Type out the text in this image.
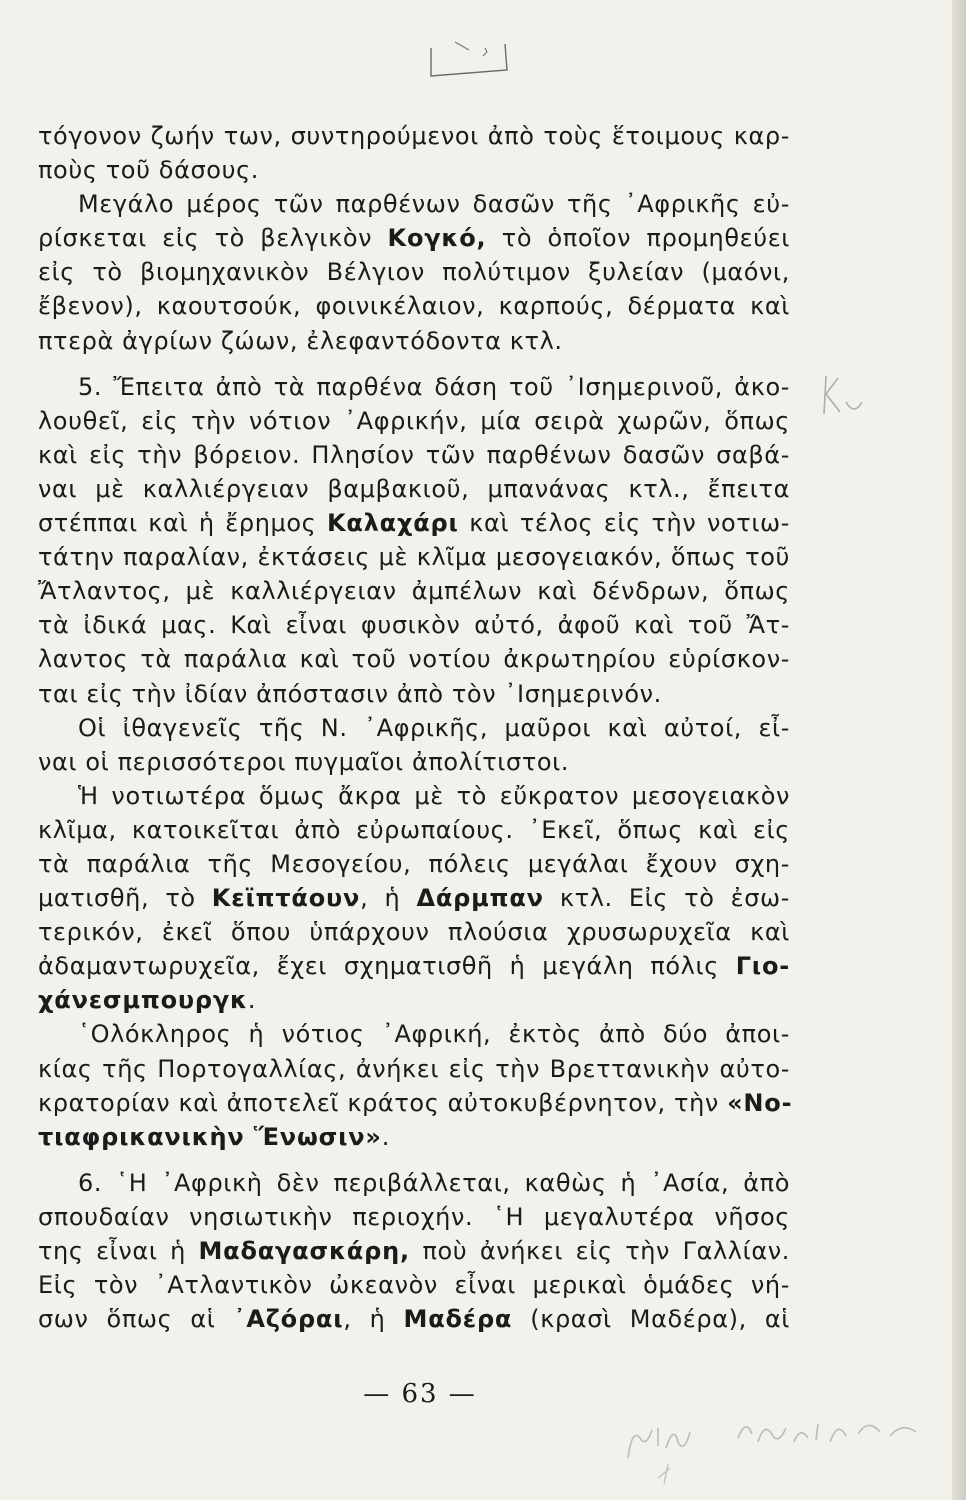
τόγονον ζωήν των, συντηρούμενοι ἀπὸ τοὺς ἕτοιμους καρ-
ποὺς τοῦ δάσους.
Μεγάλο μέρος τῶν παρθένων δασῶν τῆς ᾿Αφρικῆς εὐ-
ρίσκεται εἰς τὸ βελγικὸν Κογκό, τὸ ὁποῖον προμηθεύει
εἰς τὸ βιομηχανικὸν Βέλγιον πολύτιμον ξυλείαν (μαόνι,
ἔβενον), καουτσούκ, φοινικέλαιον, καρπούς, δέρματα καὶ
πτερὰ ἀγρίων ζώων, ἐλεφαντόδοντα κτλ.
5. Ἔπειτα ἀπὸ τὰ παρθένα δάση τοῦ ᾿Ισημερινοῦ, ἀκο-
λουθεῖ, εἰς τὴν νότιον ᾿Αφρικήν, μία σειρὰ χωρῶν, ὅπως
καὶ εἰς τὴν βόρειον. Πλησίον τῶν παρθένων δασῶν σαβά-
ναι μὲ καλλιέργειαν βαμβακιοῦ, μπανάνας κτλ., ἔπειτα
στέππαι καὶ ἡ ἔρημος Καλαχάρι καὶ τέλος εἰς τὴν νοτιω-
τάτην παραλίαν, ἐκτάσεις μὲ κλῖμα μεσογειακόν, ὅπως τοῦ
Ἄτλαντος, μὲ καλλιέργειαν ἀμπέλων καὶ δένδρων, ὅπως
τὰ ἰδικά μας. Καὶ εἶναι φυσικὸν αὐτό, ἀφοῦ καὶ τοῦ Ἄτ-
λαντος τὰ παράλια καὶ τοῦ νοτίου ἀκρωτηρίου εὑρίσκον-
ται εἰς τὴν ἰδίαν ἀπόστασιν ἀπὸ τὸν ᾿Ισημερινόν.
Οἱ ἰθαγενεῖς τῆς Ν. ᾿Αφρικῆς, μαῦροι καὶ αὐτοί, εἶ-
ναι οἱ περισσότεροι πυγμαῖοι ἀπολίτιστοι.
Ἡ νοτιωτέρα ὅμως ἄκρα μὲ τὸ εὔκρατον μεσογειακὸν
κλῖμα, κατοικεῖται ἀπὸ εὐρωπαίους. ᾿Εκεῖ, ὅπως καὶ εἰς
τὰ παράλια τῆς Μεσογείου, πόλεις μεγάλαι ἔχουν σχη-
ματισθῆ, τὸ Κεϊπτάουν, ἡ Δάρμπαν κτλ. Εἰς τὸ ἐσω-
τερικόν, ἐκεῖ ὅπου ὑπάρχουν πλούσια χρυσωρυχεῖα καὶ
ἀδαμαντωρυχεῖα, ἔχει σχηματισθῆ ἡ μεγάλη πόλις Γιο-
χάνεσμπουργκ.
῾Ολόκληρος ἡ νότιος ᾿Αφρική, ἐκτὸς ἀπὸ δύο ἀποι-
κίας τῆς Πορτογαλλίας, ἀνήκει εἰς τὴν Βρεττανικὴν αὐτο-
κρατορίαν καὶ ἀποτελεῖ κράτος αὐτοκυβέρνητον, τὴν «Νο-
τιαφρικανικὴν Ἕνωσιν».
6. ῾Η ᾿Αφρικὴ δὲν περιβάλλεται, καθὼς ἡ ᾿Ασία, ἀπὸ
σπουδαίαν νησιωτικὴν περιοχήν. ῾Η μεγαλυτέρα νῆσος
της εἶναι ἡ Μαδαγασκάρη, ποὺ ἀνήκει εἰς τὴν Γαλλίαν.
Εἰς τὸν ᾿Ατλαντικὸν ὠκεανὸν εἶναι μερικαὶ ὁμάδες νή-
σων ὅπως αἱ ᾿Αζόραι, ἡ Μαδέρα (κρασὶ Μαδέρα), αἱ
— 63 —
